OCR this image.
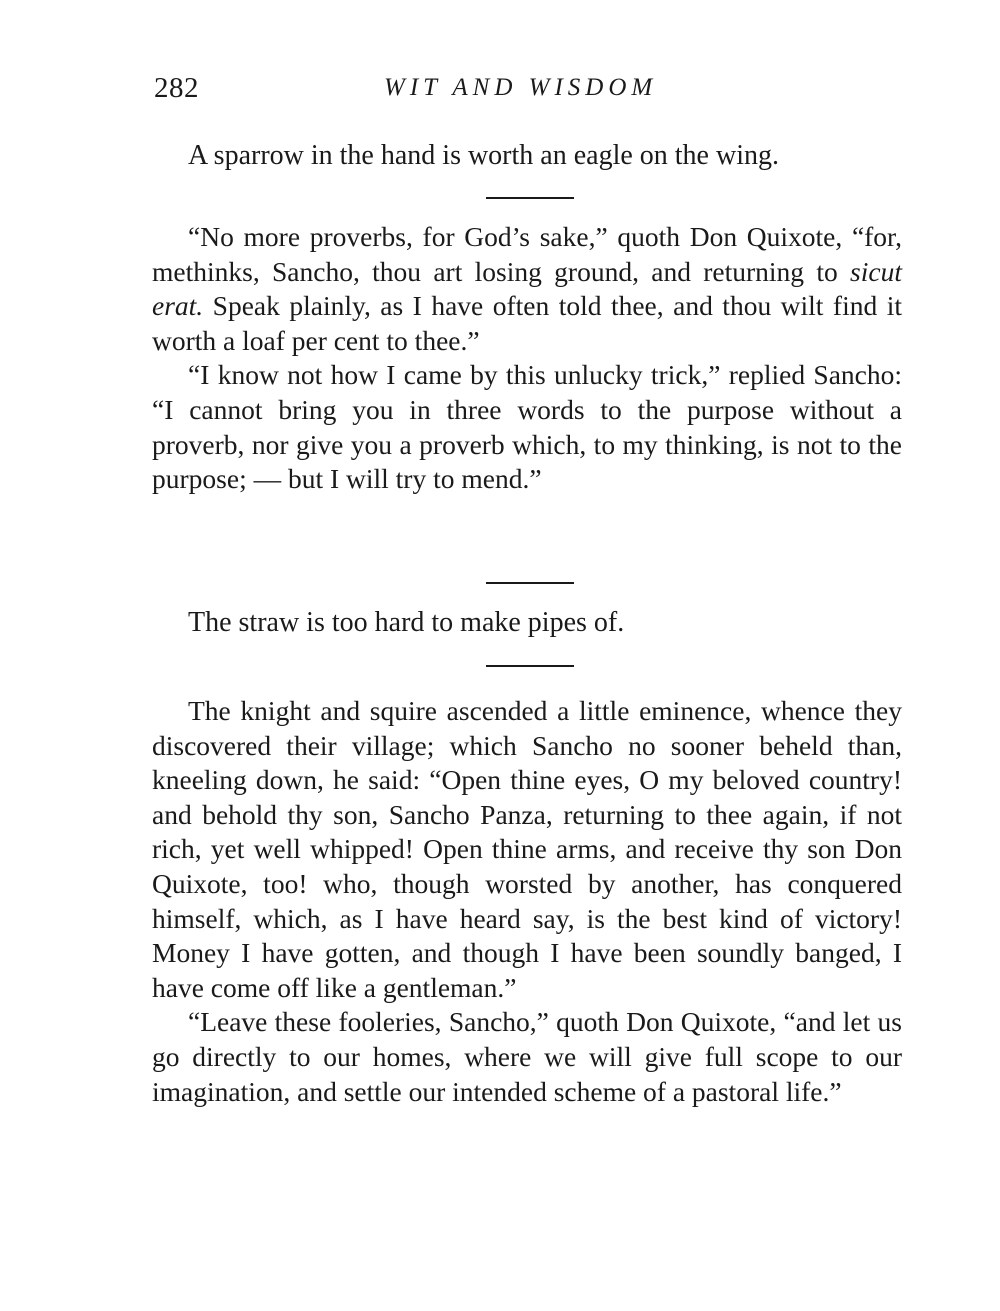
282	WIT AND WISDOM
A sparrow in the hand is worth an eagle on the wing.

“No more proverbs, for God’s sake,” quoth Don Quixote, “for, methinks, Sancho, thou art losing ground, and returning to sicut erat. Speak plainly, as I have often told thee, and thou wilt find it worth a loaf per cent to thee.”

“I know not how I came by this unlucky trick,” replied Sancho: “I cannot bring you in three words to the purpose without a proverb, nor give you a proverb which, to my thinking, is not to the purpose; — but I will try to mend.”

The straw is too hard to make pipes of.

The knight and squire ascended a little eminence, whence they discovered their village; which Sancho no sooner beheld than, kneeling down, he said: “Open thine eyes, O my beloved country! and behold thy son, Sancho Panza, returning to thee again, if not rich, yet well whipped! Open thine arms, and receive thy son Don Quixote, too! who, though worsted by another, has conquered himself, which, as I have heard say, is the best kind of victory! Money I have gotten, and though I have been soundly banged, I have come off like a gentleman.”

“Leave these fooleries, Sancho,” quoth Don Quixote, “and let us go directly to our homes, where we will give full scope to our imagination, and settle our intended scheme of a pastoral life.”
